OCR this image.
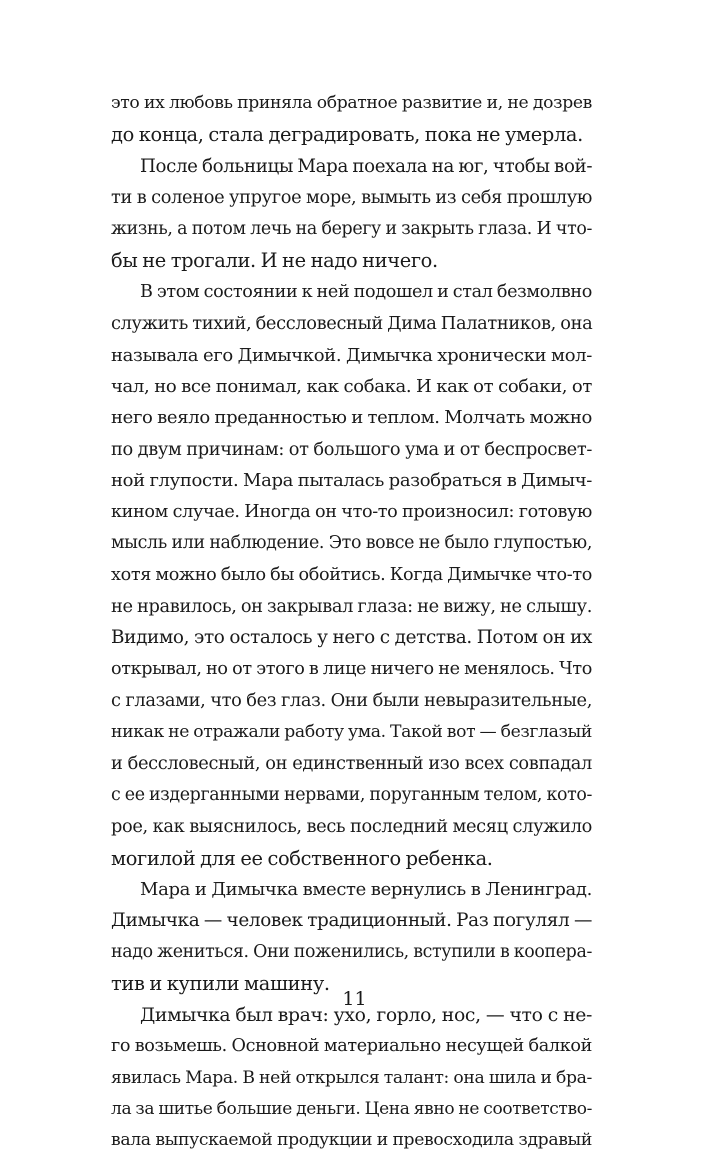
это их любовь приняла обратное развитие и, не дозрев
до конца, стала деградировать, пока не умерла.
После больницы Мара поехала на юг, чтобы вой-
ти в соленое упругое море, вымыть из себя прошлую
жизнь, а потом лечь на берегу и закрыть глаза. И что-
бы не трогали. И не надо ничего.
В этом состоянии к ней подошел и стал безмолвно
служить тихий, бессловесный Дима Палатников, она
называла его Димычкой. Димычка хронически мол-
чал, но все понимал, как собака. И как от собаки, от
него веяло преданностью и теплом. Молчать можно
по двум причинам: от большого ума и от беспросвет-
ной глупости. Мара пыталась разобраться в Димыч-
кином случае. Иногда он что-то произносил: готовую
мысль или наблюдение. Это вовсе не было глупостью,
хотя можно было бы обойтись. Когда Димычке что-то
не нравилось, он закрывал глаза: не вижу, не слышу.
Видимо, это осталось у него с детства. Потом он их
открывал, но от этого в лице ничего не менялось. Что
с глазами, что без глаз. Они были невыразительные,
никак не отражали работу ума. Такой вот — безглазый
и бессловесный, он единственный изо всех совпадал
с ее издерганными нервами, поруганным телом, кото-
рое, как выяснилось, весь последний месяц служило
могилой для ее собственного ребенка.
Мара и Димычка вместе вернулись в Ленинград.
Димычка — человек традиционный. Раз погулял —
надо жениться. Они поженились, вступили в коопера-
тив и купили машину.
Димычка был врач: ухо, горло, нос, — что с не-
го возьмешь. Основной материально несущей балкой
явилась Мара. В ней открылся талант: она шила и бра-
ла за шитье большие деньги. Цена явно не соответство-
вала выпускаемой продукции и превосходила здравый
11
